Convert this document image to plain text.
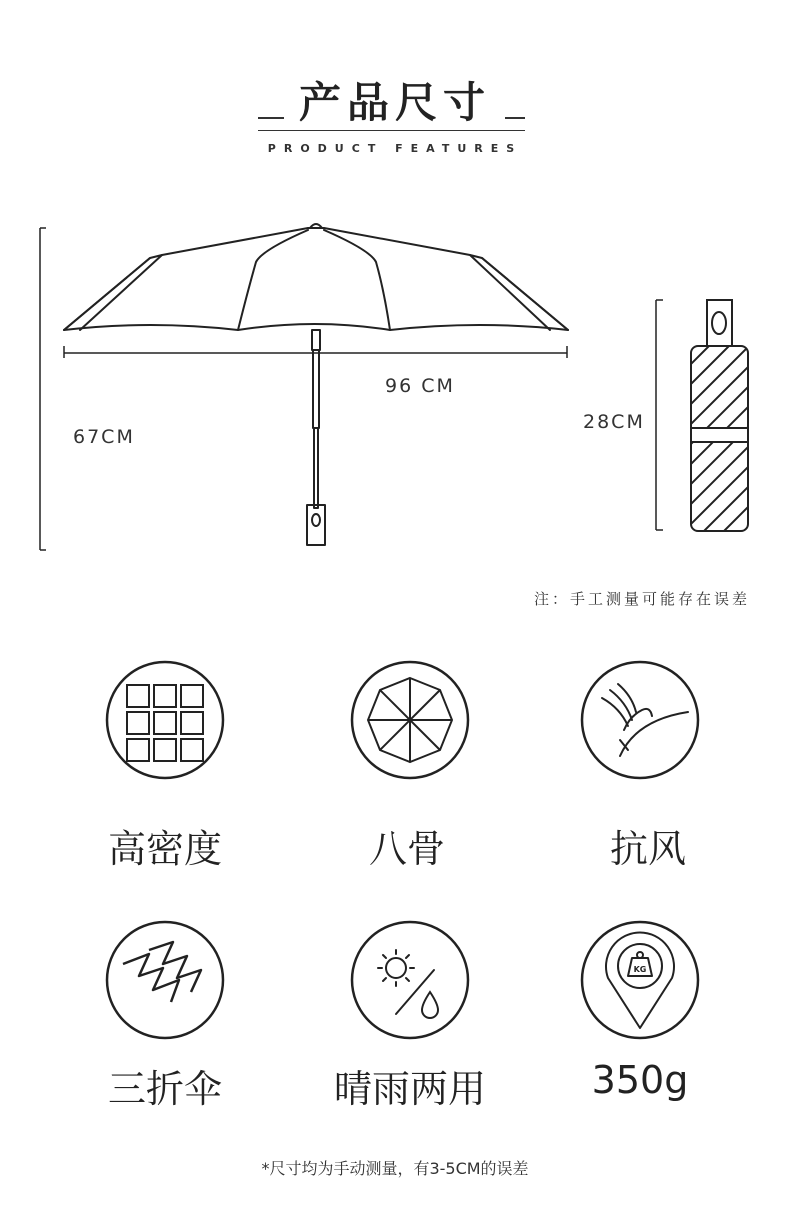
产品尺寸
PRODUCT FEATURES
96 CM
67CM
28CM
注：手工测量可能存在误差
高密度	八骨	抗风
KG
三折伞	晴雨两用	350g
*尺寸均为手动测量，有3-5CM的误差
